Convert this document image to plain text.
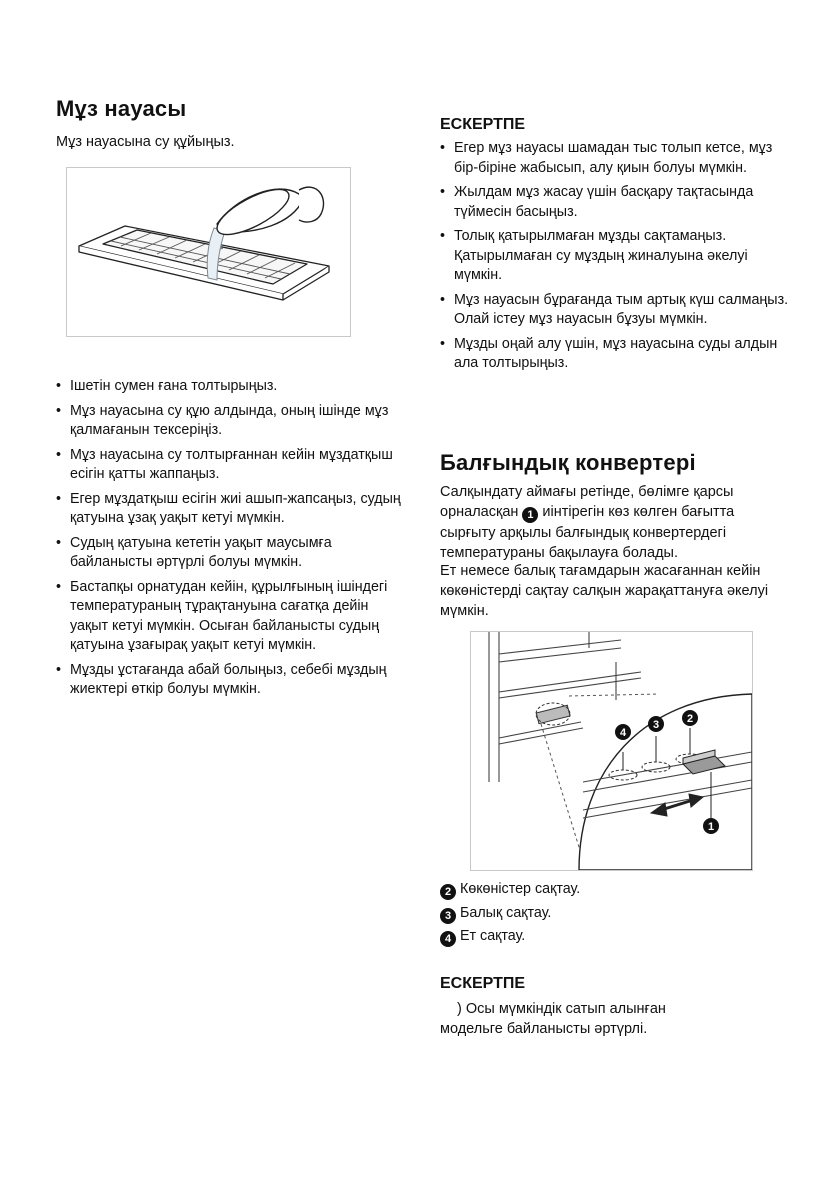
Мұз науасы
Мұз науасына су құйыңыз.
• Ішетін сумен ғана толтырыңыз.
• Мұз науасына су құю алдында, оның ішінде мұз қалмағанын тексеріңіз.
• Мұз науасына су толтырғаннан кейін мұздатқыш есігін қатты жаппаңыз.
• Егер мұздатқыш есігін жиі ашып-жапсаңыз, судың қатуына ұзақ уақыт кетуі мүмкін.
• Судың қатуына кететін уақыт маусымға байланысты әртүрлі болуы мүмкін.
• Бастапқы орнатудан кейін, құрылғының ішіндегі температураның тұрақтануына сағатқа дейін уақыт кетуі мүмкін. Осыған байланысты судың қатуына ұзағырақ уақыт кетуі мүмкін.
• Мұзды ұстағанда абай болыңыз, себебі мұздың жиектері өткір болуы мүмкін.
ЕСКЕРТПЕ
• Егер мұз науасы шамадан тыс толып кетсе, мұз бір-біріне жабысып, алу қиын болуы мүмкін.
• Жылдам мұз жасау үшін басқару тақтасында түймесін басыңыз.
• Толық қатырылмаған мұзды сақтамаңыз. Қатырылмаған су мұздың жиналуына әкелуі мүмкін.
• Мұз науасын бұрағанда тым артық күш салмаңыз. Олай істеу мұз науасын бұзуы мүмкін.
• Мұзды оңай алу үшін, мұз науасына суды алдын ала толтырыңыз.
Балғындық конвертері
Салқындату аймағы ретінде, бөлімге қарсы орналасқан 1 иінтірегін көз көлген бағытта сырғыту арқылы балғындық конвертердегі температураны бақылауға болады.
Ет немесе балық тағамдарын жасағаннан кейін көкөністерді сақтау салқын жарақаттануға әкелуі мүмкін.
4
3	2
1
2 Көкөністер сақтау.
3 Балық сақтау.
4 Ет сақтау.
ЕСКЕРТПЕ
) Осы мүмкіндік сатып алынған
модельге байланысты әртүрлі.
